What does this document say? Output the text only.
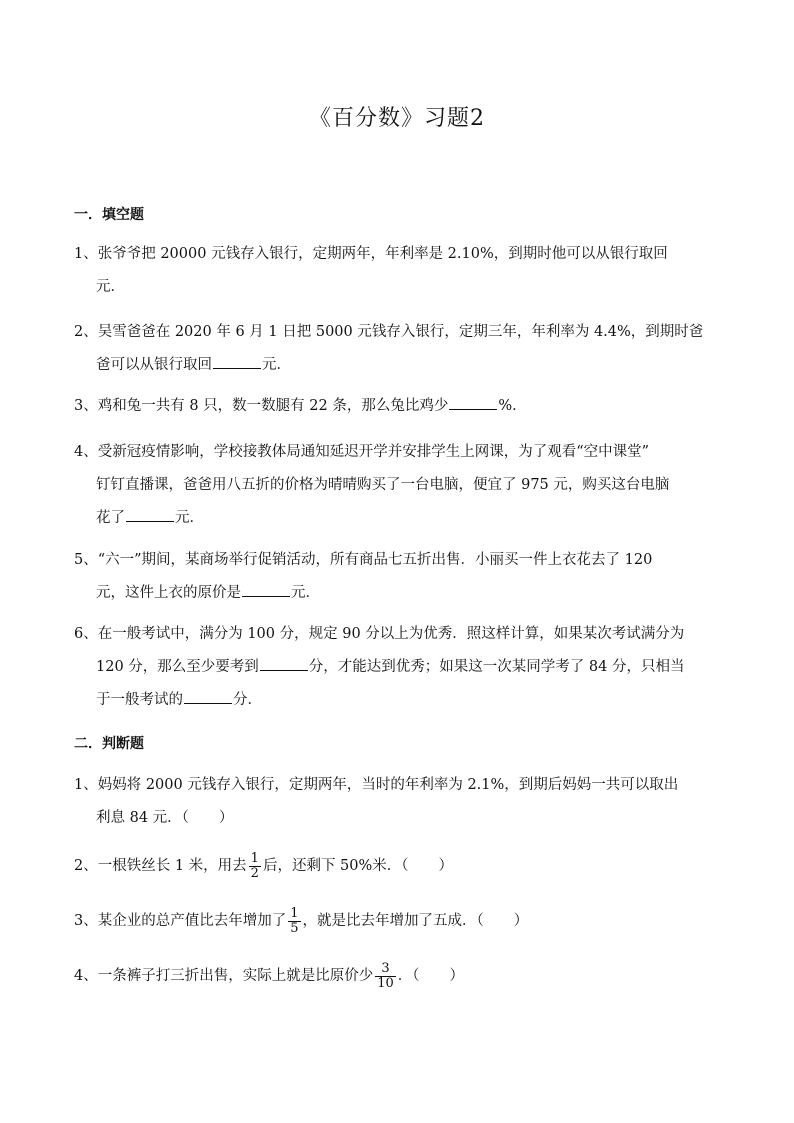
《百分数》习题2
一．填空题
1、张爷爷把 20000 元钱存入银行，定期两年，年利率是 2.10%，到期时他可以从银行取回
元．
2、吴雪爸爸在 2020 年 6 月 1 日把 5000 元钱存入银行，定期三年，年利率为 4.4%，到期时爸
爸可以从银行取回	元．
3、鸡和兔一共有 8 只，数一数腿有 22 条，那么兔比鸡少	%．
4、受新冠疫情影响，学校接教体局通知延迟开学并安排学生上网课，为了观看“空中课堂”
钉钉直播课，爸爸用八五折的价格为晴晴购买了一台电脑，便宜了 975 元，购买这台电脑
花了	元．
5、“六一”期间，某商场举行促销活动，所有商品七五折出售．小丽买一件上衣花去了 120
元，这件上衣的原价是	元．
6、在一般考试中，满分为 100 分，规定 90 分以上为优秀．照这样计算，如果某次考试满分为
120 分，那么至少要考到	分，才能达到优秀；如果这一次某同学考了 84 分，只相当
于一般考试的	分．
二．判断题
1、妈妈将 2000 元钱存入银行，定期两年，当时的年利率为 2.1%，到期后妈妈一共可以取出
利息 84 元．（ ）
2、一根铁丝长 1 米，用去 $\frac{1}{2}$ 后，还剩下 50%米．（ ）
3、某企业的总产值比去年增加了 $\frac{1}{5}$ ，就是比去年增加了五成．（ ）
4、一条裤子打三折出售，实际上就是比原价少 $\frac{3}{10}$ ．（ ）
